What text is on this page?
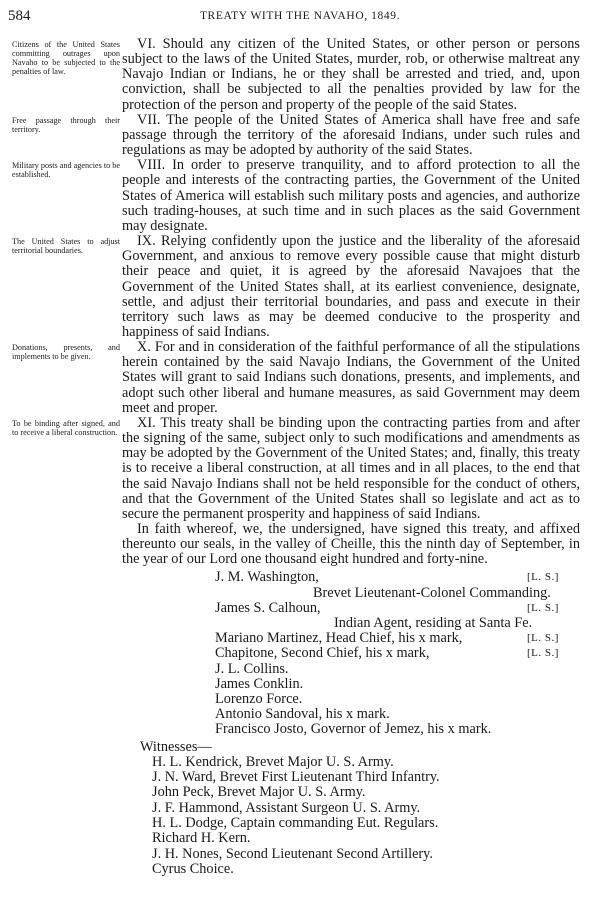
584	TREATY WITH THE NAVAHO, 1849.
Citizens of the United States committing outrages upon Navaho to be subjected to the penalties of law.
VI. Should any citizen of the United States, or other person or persons subject to the laws of the United States, murder, rob, or otherwise maltreat any Navajo Indian or Indians, he or they shall be arrested and tried, and, upon conviction, shall be subjected to all the penalties provided by law for the protection of the person and property of the people of the said States.
Free passage through their territory.
VII. The people of the United States of America shall have free and safe passage through the territory of the aforesaid Indians, under such rules and regulations as may be adopted by authority of the said States.
Military posts and agencies to be established.
VIII. In order to preserve tranquility, and to afford protection to all the people and interests of the contracting parties, the Government of the United States of America will establish such military posts and agencies, and authorize such trading-houses, at such time and in such places as the said Government may designate.
The United States to adjust territorial boundaries.
IX. Relying confidently upon the justice and the liberality of the aforesaid Government, and anxious to remove every possible cause that might disturb their peace and quiet, it is agreed by the aforesaid Navajoes that the Government of the United States shall, at its earliest convenience, designate, settle, and adjust their territorial boundaries, and pass and execute in their territory such laws as may be deemed conducive to the prosperity and happiness of said Indians.
Donations, presents, and implements to be given.
X. For and in consideration of the faithful performance of all the stipulations herein contained by the said Navajo Indians, the Government of the United States will grant to said Indians such donations, presents, and implements, and adopt such other liberal and humane measures, as said Government may deem meet and proper.
To be binding after signed, and to receive a liberal construction.
XI. This treaty shall be binding upon the contracting parties from and after the signing of the same, subject only to such modifications and amendments as may be adopted by the Government of the United States; and, finally, this treaty is to receive a liberal construction, at all times and in all places, to the end that the said Navajo Indians shall not be held responsible for the conduct of others, and that the Government of the United States shall so legislate and act as to secure the permanent prosperity and happiness of said Indians.
In faith whereof, we, the undersigned, have signed this treaty, and affixed thereunto our seals, in the valley of Cheille, this the ninth day of September, in the year of our Lord one thousand eight hundred and forty-nine.
J. M. Washington,	[L. S.]
Brevet Lieutenant-Colonel Commanding.
James S. Calhoun,	[L. S.]
Indian Agent, residing at Santa Fe.
Mariano Martinez, Head Chief, his x mark,	[L. S.]
Chapitone, Second Chief, his x mark,	[L. S.]
J. L. Collins.
James Conklin.
Lorenzo Force.
Antonio Sandoval, his x mark.
Francisco Josto, Governor of Jemez, his x mark.
Witnesses—
H. L. Kendrick, Brevet Major U. S. Army.
J. N. Ward, Brevet First Lieutenant Third Infantry.
John Peck, Brevet Major U. S. Army.
J. F. Hammond, Assistant Surgeon U. S. Army.
H. L. Dodge, Captain commanding Eut. Regulars.
Richard H. Kern.
J. H. Nones, Second Lieutenant Second Artillery.
Cyrus Choice.
